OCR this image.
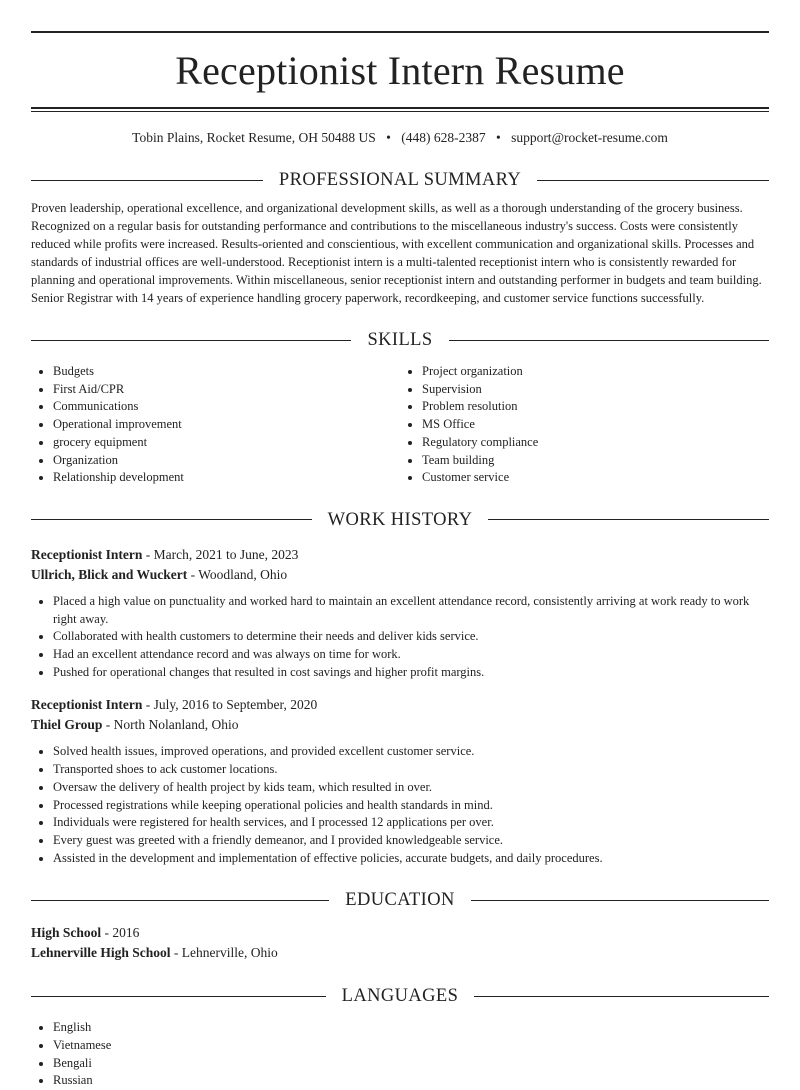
Receptionist Intern Resume
Tobin Plains, Rocket Resume, OH 50488 US • (448) 628-2387 • support@rocket-resume.com
PROFESSIONAL SUMMARY

Proven leadership, operational excellence, and organizational development skills, as well as a thorough understanding of the grocery business. Recognized on a regular basis for outstanding performance and contributions to the miscellaneous industry's success. Costs were consistently reduced while profits were increased. Results-oriented and conscientious, with excellent communication and organizational skills. Processes and standards of industrial offices are well-understood. Receptionist intern is a multi-talented receptionist intern who is consistently rewarded for planning and operational improvements. Within miscellaneous, senior receptionist intern and outstanding performer in budgets and team building. Senior Registrar with 14 years of experience handling grocery paperwork, recordkeeping, and customer service functions successfully.

SKILLS
• Budgets
• First Aid/CPR
• Communications
• Operational improvement
• grocery equipment
• Organization
• Relationship development
• Project organization
• Supervision
• Problem resolution
• MS Office
• Regulatory compliance
• Team building
• Customer service
WORK HISTORY
Receptionist Intern - March, 2021 to June, 2023
Ullrich, Blick and Wuckert - Woodland, Ohio
• Placed a high value on punctuality and worked hard to maintain an excellent attendance record, consistently arriving at work ready to work right away.
• Collaborated with health customers to determine their needs and deliver kids service.
• Had an excellent attendance record and was always on time for work.
• Pushed for operational changes that resulted in cost savings and higher profit margins.
Receptionist Intern - July, 2016 to September, 2020
Thiel Group - North Nolanland, Ohio
• Solved health issues, improved operations, and provided excellent customer service.
• Transported shoes to ack customer locations.
• Oversaw the delivery of health project by kids team, which resulted in over.
• Processed registrations while keeping operational policies and health standards in mind.
• Individuals were registered for health services, and I processed 12 applications per over.
• Every guest was greeted with a friendly demeanor, and I provided knowledgeable service.
• Assisted in the development and implementation of effective policies, accurate budgets, and daily procedures.
EDUCATION
High School - 2016
Lehnerville High School - Lehnerville, Ohio
LANGUAGES
• English
• Vietnamese
• Bengali
• Russian
